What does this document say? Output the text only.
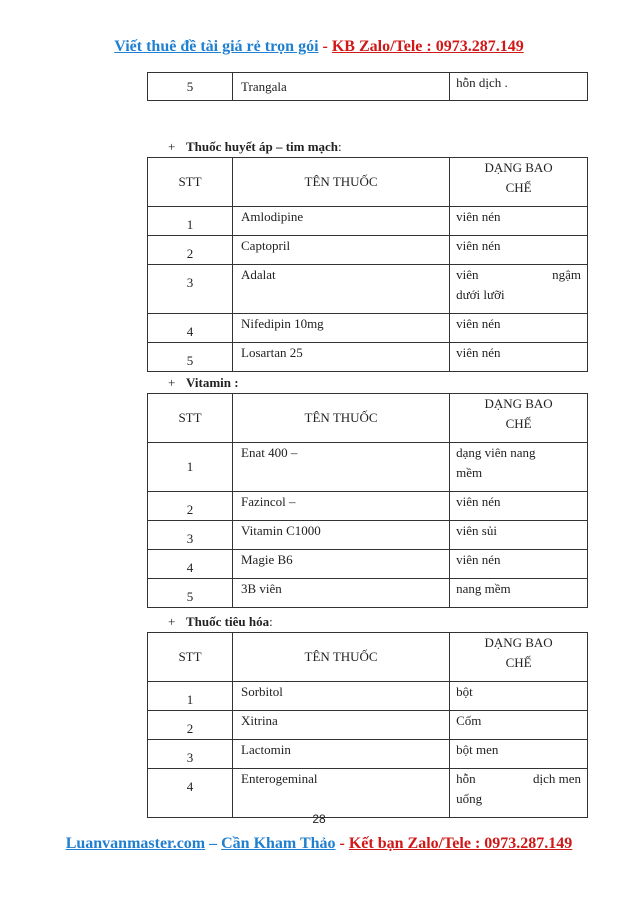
Viết thuê đề tài giá rẻ trọn gói - KB Zalo/Tele : 0973.287.149
5	Trangala	hỗn dịch .
+ Thuốc huyết áp – tim mạch:
STT	TÊN THUỐC	DẠNG BAO
CHẾ

1	Amlodipine	viên nén
2	Captopril	viên nén
3	Adalat	viên ngậm
dưới lưỡi

4	Nifedipin 10mg	viên nén
5	Losartan 25	viên nén
+ Vitamin :
STT	TÊN THUỐC	DẠNG BAO
CHẾ

1	Enat 400 –	dạng viên nang
mềm

2	Fazincol –	viên nén
3	Vitamin C1000	viên sủi
4	Magie B6	viên nén
5	3B viên	nang mềm
+ Thuốc tiêu hóa:
STT	TÊN THUỐC	DẠNG BAO
CHẾ

1	Sorbitol	bột
2	Xitrina	Cốm
3	Lactomin	bột men
4	Enterogeminal	hỗn dịch men
uống
28
Luanvanmaster.com – Cần Kham Thảo - Kết bạn Zalo/Tele : 0973.287.149
